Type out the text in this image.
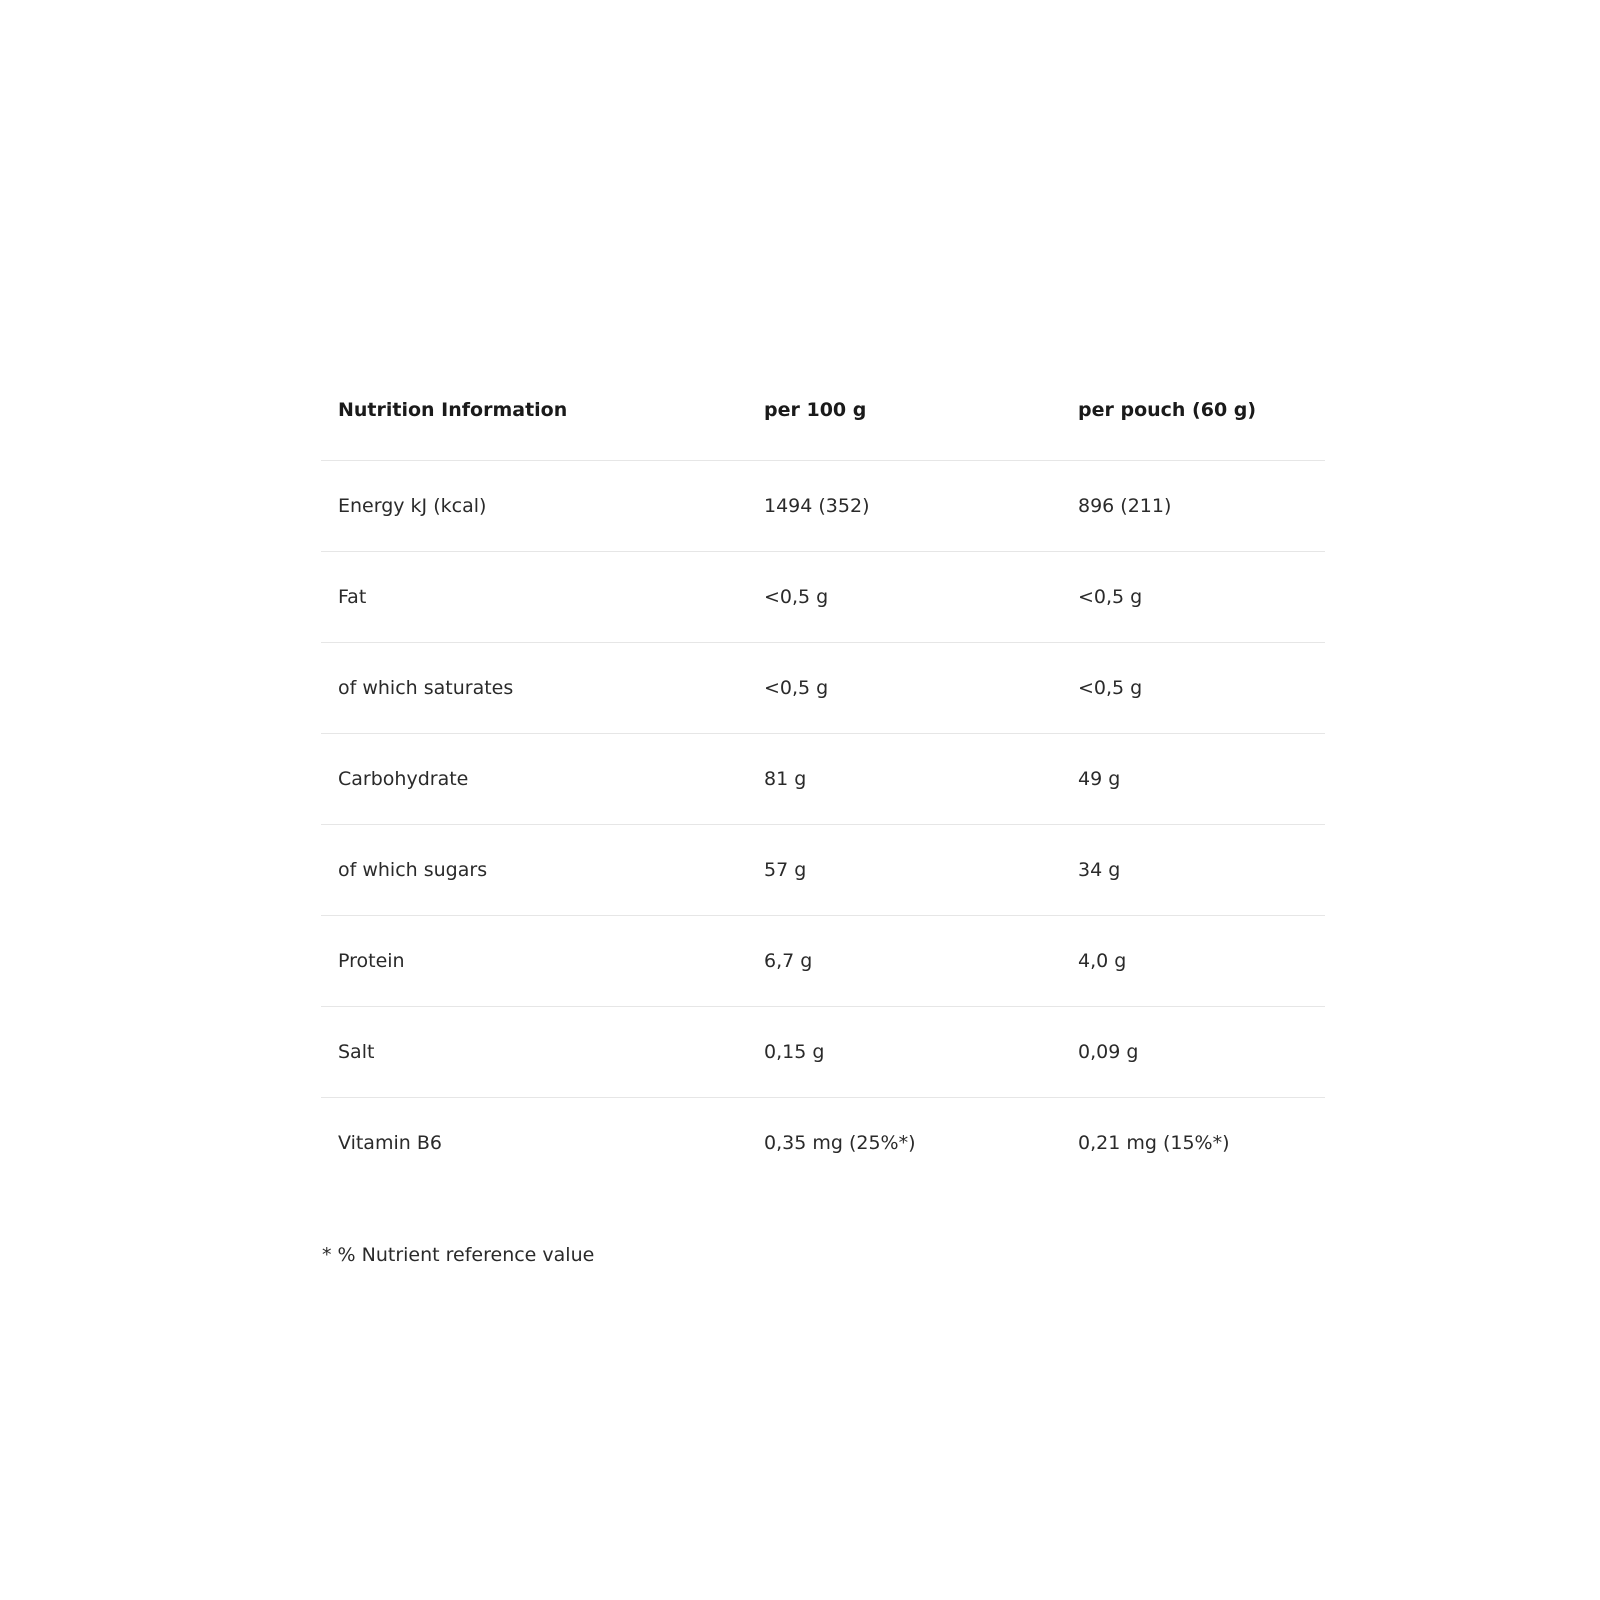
Nutrition Information	per 100 g	per pouch (60 g)
Energy kJ (kcal)	1494 (352)	896 (211)
Fat	<0,5 g	<0,5 g
of which saturates	<0,5 g	<0,5 g
Carbohydrate	81 g	49 g
of which sugars	57 g	34 g
Protein	6,7 g	4,0 g
Salt	0,15 g	0,09 g
Vitamin B6	0,35 mg (25%*)	0,21 mg (15%*)
* % Nutrient reference value
